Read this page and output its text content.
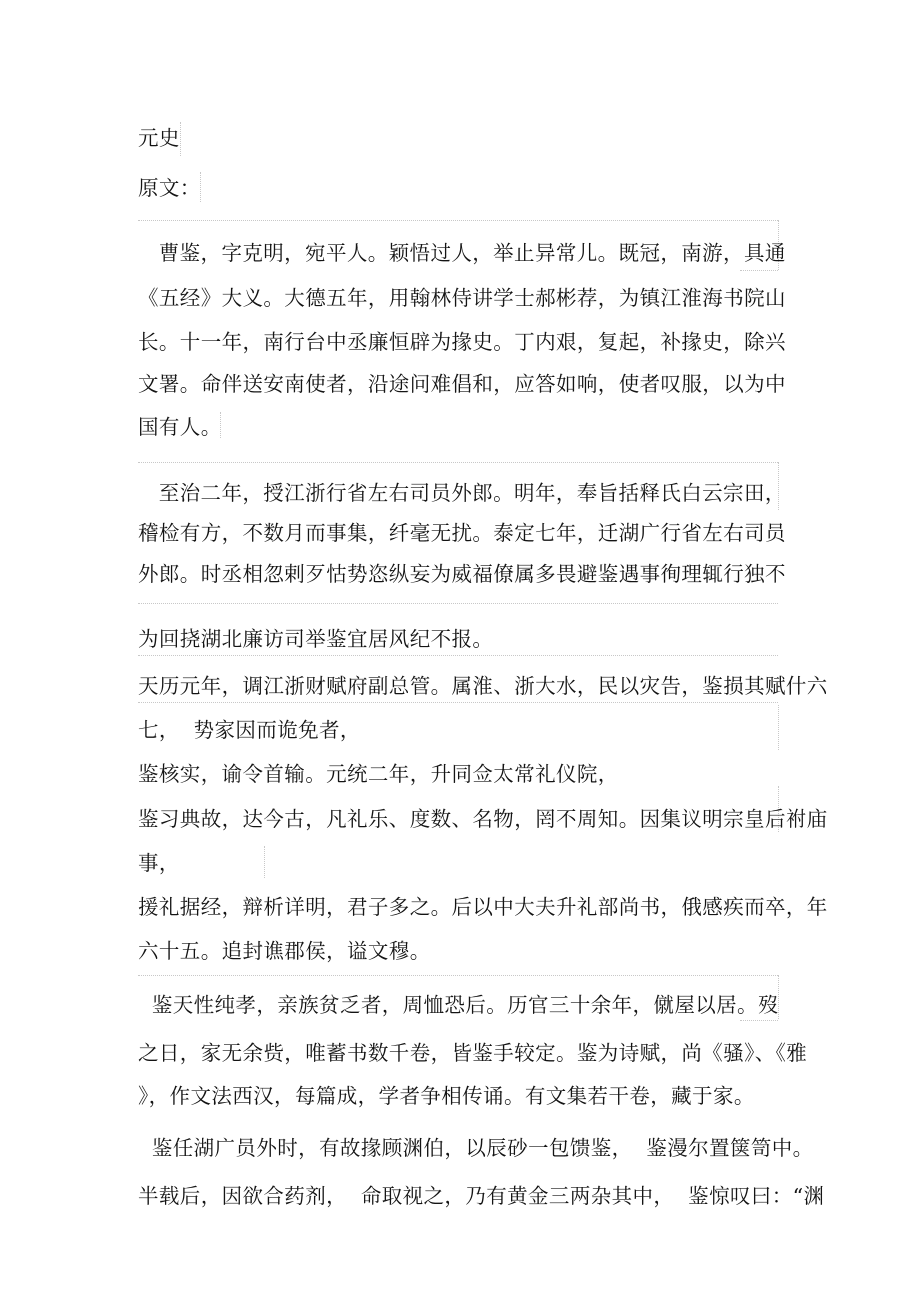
元史

原文：

曹鉴，字克明，宛平人。颖悟过人，举止异常儿。既冠，南游，具通

《五经》大义。大德五年，用翰林侍讲学士郝彬荐，为镇江淮海书院山

长。十一年，南行台中丞廉恒辟为掾史。丁内艰，复起，补掾史，除兴

文署。命伴送安南使者，沿途问难倡和，应答如响，使者叹服，以为中

国有人。

至治二年，授江浙行省左右司员外郎。明年，奉旨括释氏白云宗田，

稽检有方，不数月而事集，纤毫无扰。泰定七年，迁湖广行省左右司员

外郎。时丞相忽剌歹怙势恣纵妄为威福僚属多畏避鉴遇事徇理辄行独不

为回挠湖北廉访司举鉴宜居风纪不报。

天历元年，调江浙财赋府副总管。属淮、浙大水，民以灾告，鉴损其赋什六

七，  势家因而诡免者，

鉴核实，谕令首输。元统二年，升同佥太常礼仪院，

鉴习典故，达今古，凡礼乐、度数、名物，罔不周知。因集议明宗皇后祔庙

事，

援礼据经，辩析详明，君子多之。后以中大夫升礼部尚书，俄感疾而卒，年

六十五。追封谯郡侯，谥文穆。

鉴天性纯孝，亲族贫乏者，周恤恐后。历官三十余年，僦屋以居。歿

之日，家无余赀，唯蓄书数千卷，皆鉴手较定。鉴为诗赋，尚《骚》、《雅

》，作文法西汉，每篇成，学者争相传诵。有文集若干卷，藏于家。

鉴任湖广员外时，有故掾顾渊伯，以辰砂一包馈鉴，  鉴漫尔置箧笥中。

半载后，因欲合药剂，  命取视之，乃有黄金三两杂其中，  鉴惊叹曰：“渊
